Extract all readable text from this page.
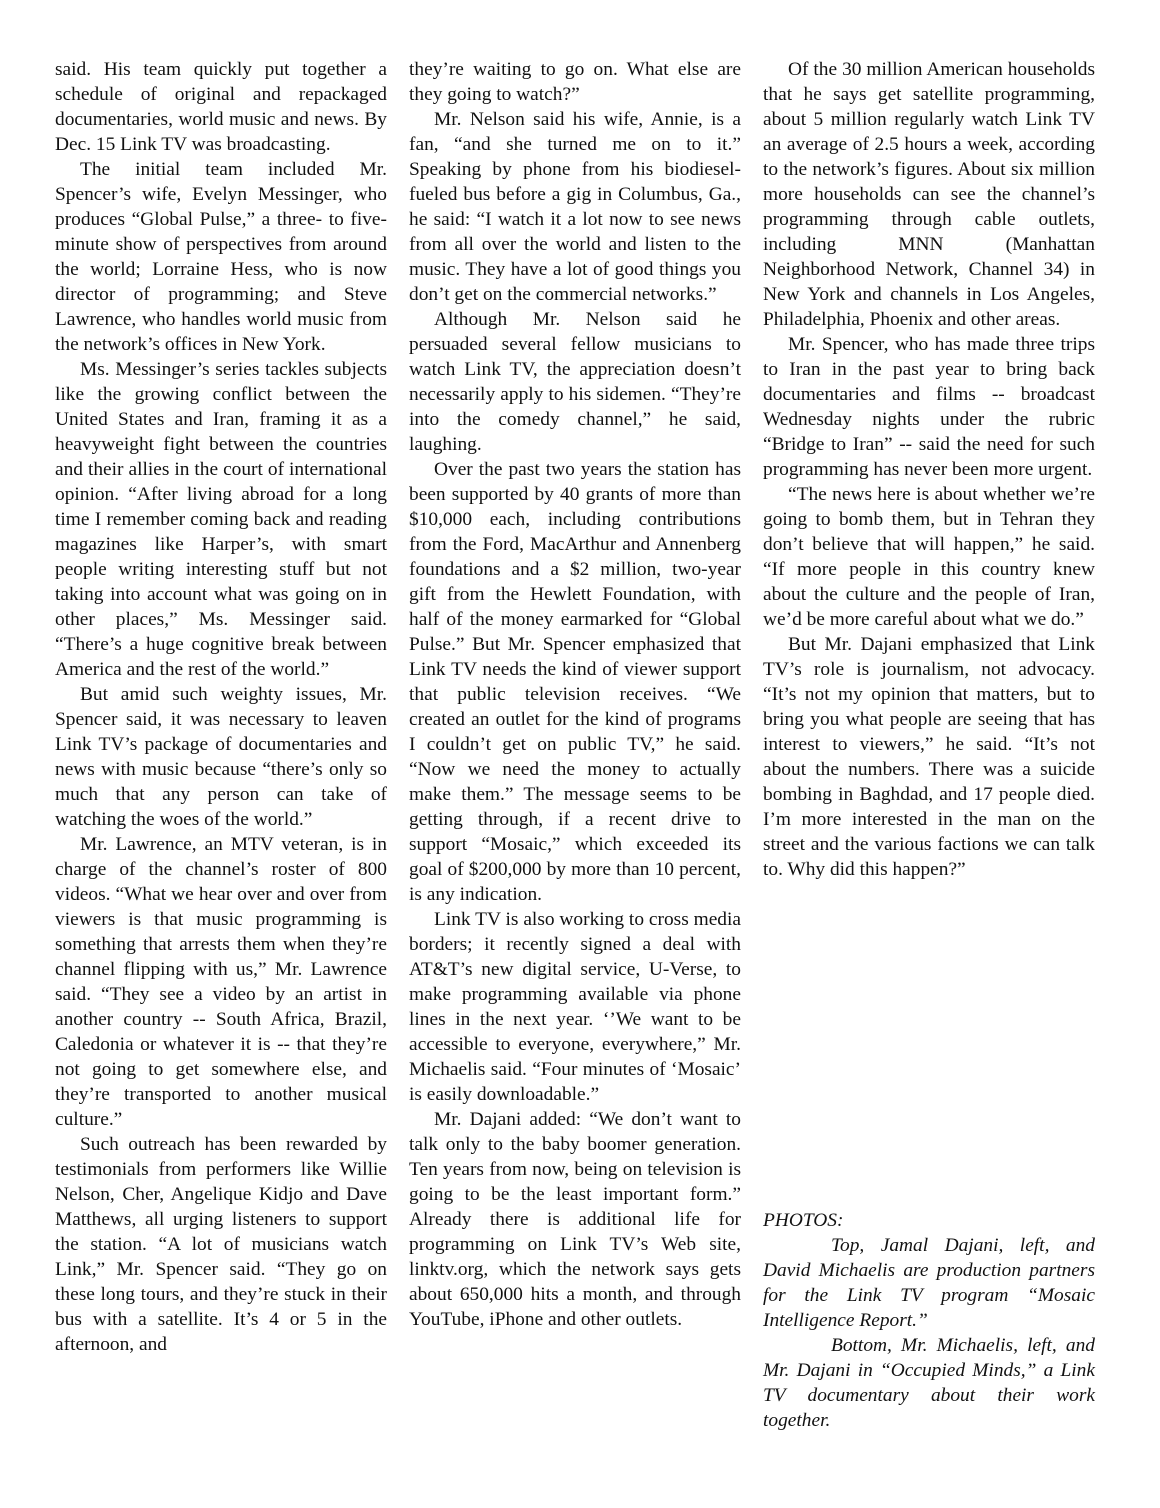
said. His team quickly put together a schedule of original and repackaged documentaries, world music and news. By Dec. 15 Link TV was broadcasting.

The initial team included Mr. Spencer’s wife, Evelyn Messinger, who produces “Global Pulse,” a three- to five-minute show of perspectives from around the world; Lorraine Hess, who is now director of programming; and Steve Lawrence, who handles world music from the network’s offices in New York.

Ms. Messinger’s series tackles subjects like the growing conflict between the United States and Iran, framing it as a heavyweight fight between the countries and their allies in the court of international opinion. “After living abroad for a long time I remember coming back and reading magazines like Harper’s, with smart people writing interesting stuff but not taking into account what was going on in other places,” Ms. Messinger said. “There’s a huge cognitive break between America and the rest of the world.”

But amid such weighty issues, Mr. Spencer said, it was necessary to leaven Link TV’s package of documentaries and news with music because “there’s only so much that any person can take of watching the woes of the world.”

Mr. Lawrence, an MTV veteran, is in charge of the channel’s roster of 800 videos. “What we hear over and over from viewers is that music programming is something that arrests them when they’re channel flipping with us,” Mr. Lawrence said. “They see a video by an artist in another country -- South Africa, Brazil, Caledonia or whatever it is -- that they’re not going to get somewhere else, and they’re transported to another musical culture.”

Such outreach has been rewarded by testimonials from performers like Willie Nelson, Cher, Angelique Kidjo and Dave Matthews, all urging listeners to support the station. “A lot of musicians watch Link,” Mr. Spencer said. “They go on these long tours, and they’re stuck in their bus with a satellite. It’s 4 or 5 in the afternoon, and

they’re waiting to go on. What else are they going to watch?”

Mr. Nelson said his wife, Annie, is a fan, “and she turned me on to it.” Speaking by phone from his biodiesel-fueled bus before a gig in Columbus, Ga., he said: “I watch it a lot now to see news from all over the world and listen to the music. They have a lot of good things you don’t get on the commercial networks.”

Although Mr. Nelson said he persuaded several fellow musicians to watch Link TV, the appreciation doesn’t necessarily apply to his sidemen. “They’re into the comedy channel,” he said, laughing.

Over the past two years the station has been supported by 40 grants of more than $10,000 each, including contributions from the Ford, MacArthur and Annenberg foundations and a $2 million, two-year gift from the Hewlett Foundation, with half of the money earmarked for “Global Pulse.” But Mr. Spencer emphasized that Link TV needs the kind of viewer support that public television receives. “We created an outlet for the kind of programs I couldn’t get on public TV,” he said. “Now we need the money to actually make them.” The message seems to be getting through, if a recent drive to support “Mosaic,” which exceeded its goal of $200,000 by more than 10 percent, is any indication.

Link TV is also working to cross media borders; it recently signed a deal with AT&T’s new digital service, U-Verse, to make programming available via phone lines in the next year. ‘’We want to be accessible to everyone, everywhere,” Mr. Michaelis said. “Four minutes of ‘Mosaic’ is easily downloadable.”

Mr. Dajani added: “We don’t want to talk only to the baby boomer generation. Ten years from now, being on television is going to be the least important form.” Already there is additional life for programming on Link TV’s Web site, linktv.org, which the network says gets about 650,000 hits a month, and through YouTube, iPhone and other outlets.

Of the 30 million American households that he says get satellite programming, about 5 million regularly watch Link TV an average of 2.5 hours a week, according to the network’s figures. About six million more households can see the channel’s programming through cable outlets, including MNN (Manhattan Neighborhood Network, Channel 34) in New York and channels in Los Angeles, Philadelphia, Phoenix and other areas.

Mr. Spencer, who has made three trips to Iran in the past year to bring back documentaries and films -- broadcast Wednesday nights under the rubric “Bridge to Iran” -- said the need for such programming has never been more urgent.

“The news here is about whether we’re going to bomb them, but in Tehran they don’t believe that will happen,” he said. “If more people in this country knew about the culture and the people of Iran, we’d be more careful about what we do.”

But Mr. Dajani emphasized that Link TV’s role is journalism, not advocacy. “It’s not my opinion that matters, but to bring you what people are seeing that has interest to viewers,” he said. “It’s not about the numbers. There was a suicide bombing in Baghdad, and 17 people died. I’m more interested in the man on the street and the various factions we can talk to. Why did this happen?”

PHOTOS:

Top, Jamal Dajani, left, and David Michaelis are production partners for the Link TV program “Mosaic Intelligence Report.”

Bottom, Mr. Michaelis, left, and Mr. Dajani in “Occupied Minds,” a Link TV documentary about their work together.
